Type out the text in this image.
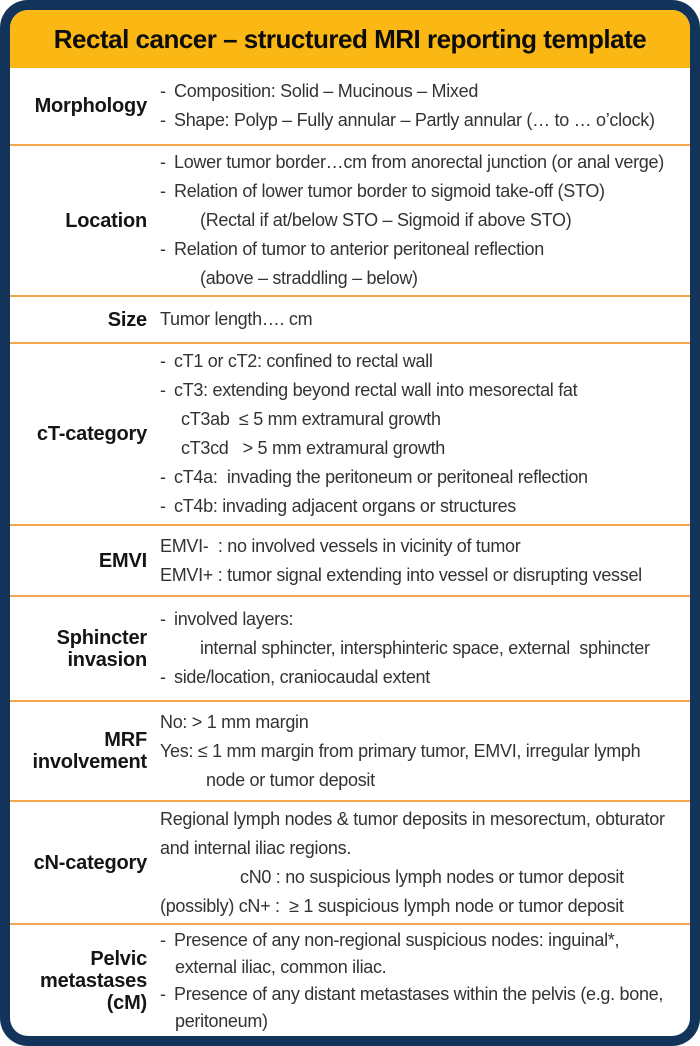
Rectal cancer – structured MRI reporting template
Morphology
- Composition: Solid – Mucinous – Mixed
- Shape: Polyp – Fully annular – Partly annular (… to … o’clock)
Location
- Lower tumor border…cm from anorectal junction (or anal verge)
- Relation of lower tumor border to sigmoid take-off (STO)
(Rectal if at/below STO – Sigmoid if above STO)
- Relation of tumor to anterior peritoneal reflection
(above – straddling – below)
Size Tumor length…. cm
cT-category
- cT1 or cT2: confined to rectal wall
- cT3: extending beyond rectal wall into mesorectal fat
cT3ab  ≤ 5 mm extramural growth
cT3cd   > 5 mm extramural growth
- cT4a:  invading the peritoneum or peritoneal reflection
- cT4b: invading adjacent organs or structures
EMVI
EMVI-  : no involved vessels in vicinity of tumor
EMVI+ : tumor signal extending into vessel or disrupting vessel
Sphincter
invasion
- involved layers:
internal sphincter, intersphinteric space, external  sphincter
- side/location, craniocaudal extent
MRF
involvement
No: > 1 mm margin
Yes: ≤ 1 mm margin from primary tumor, EMVI, irregular lymph
node or tumor deposit
cN-category
Regional lymph nodes & tumor deposits in mesorectum, obturator
and internal iliac regions.
cN0 : no suspicious lymph nodes or tumor deposit
(possibly) cN+ :  ≥ 1 suspicious lymph node or tumor deposit
Pelvic
metastases
(cM)
- Presence of any non-regional suspicious nodes: inguinal*,
external iliac, common iliac.
- Presence of any distant metastases within the pelvis (e.g. bone,
peritoneum)
